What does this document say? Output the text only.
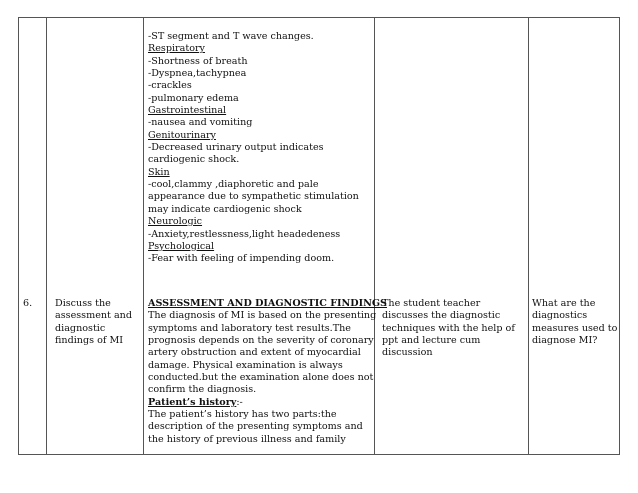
6. Discuss the
assessment and
diagnostic
findings of MI
-ST segment and T wave changes.
Respiratory
-Shortness of breath
-Dyspnea,tachypnea
-crackles
-pulmonary edema
Gastrointestinal
-nausea and vomiting
Genitourinary
-Decreased urinary output indicates
cardiogenic shock.
Skin
-cool,clammy ,diaphoretic and pale
appearance due to sympathetic stimulation
may indicate cardiogenic shock
Neurologic
-Anxiety,restlessness,light headedeness
Psychological
-Fear with feeling of impending doom.
ASSESSMENT AND DIAGNOSTIC FINDINGS
The diagnosis of MI is based on the presenting
symptoms and laboratory test results.The
prognosis depends on the severity of coronary
artery obstruction and extent of myocardial
damage. Physical examination is always
conducted.but the examination alone does not
confirm the diagnosis.
Patient’s history:-
The patient’s history has two parts:the
description of the presenting symptoms and
the history of previous illness and family
The student teacher
discusses the diagnostic
techniques with the help of
ppt and lecture cum
discussion
What are the
diagnostics
measures used to
diagnose MI?
